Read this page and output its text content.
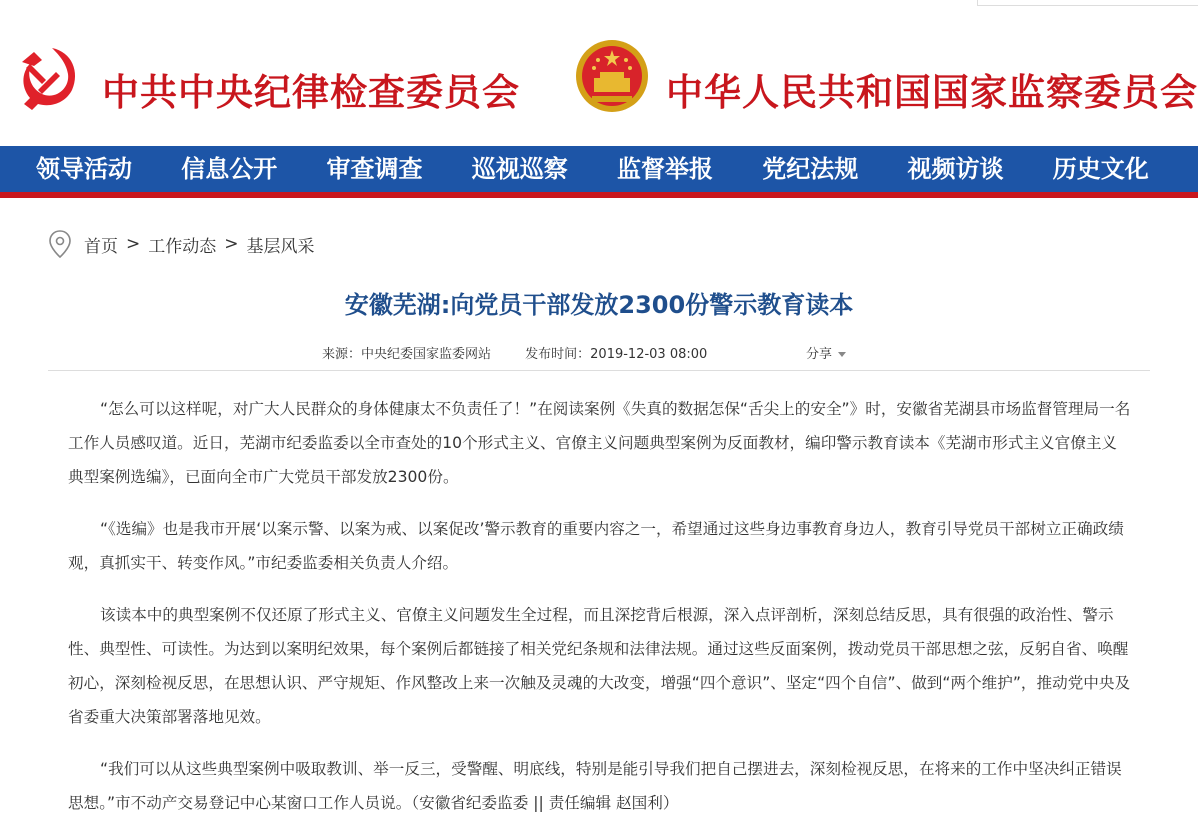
中共中央纪律检查委员会	中华人民共和国国家监察委员会
领导活动	信息公开	审查调查	巡视巡察	监督举报	党纪法规	视频访谈	历史文化
首页 > 工作动态 > 基层风采
安徽芜湖:向党员干部发放2300份警示教育读本
来源：中央纪委国家监委网站	发布时间：2019-12-03 08:00	分享

“怎么可以这样呢，对广大人民群众的身体健康太不负责任了！”在阅读案例《失真的数据怎保“舌尖上的安全”》时，安徽省芜湖县市场监督管理局一名工作人员感叹道。近日，芜湖市纪委监委以全市查处的10个形式主义、官僚主义问题典型案例为反面教材，编印警示教育读本《芜湖市形式主义官僚主义典型案例选编》，已面向全市广大党员干部发放2300份。

“《选编》也是我市开展‘以案示警、以案为戒、以案促改’警示教育的重要内容之一，希望通过这些身边事教育身边人，教育引导党员干部树立正确政绩观，真抓实干、转变作风。”市纪委监委相关负责人介绍。

该读本中的典型案例不仅还原了形式主义、官僚主义问题发生全过程，而且深挖背后根源，深入点评剖析，深刻总结反思，具有很强的政治性、警示性、典型性、可读性。为达到以案明纪效果，每个案例后都链接了相关党纪条规和法律法规。通过这些反面案例，拨动党员干部思想之弦，反躬自省、唤醒初心，深刻检视反思，在思想认识、严守规矩、作风整改上来一次触及灵魂的大改变，增强“四个意识”、坚定“四个自信”、做到“两个维护”，推动党中央及省委重大决策部署落地见效。

“我们可以从这些典型案例中吸取教训、举一反三，受警醒、明底线，特别是能引导我们把自己摆进去，深刻检视反思，在将来的工作中坚决纠正错误思想。”市不动产交易登记中心某窗口工作人员说。（安徽省纪委监委 || 责任编辑 赵国利）
